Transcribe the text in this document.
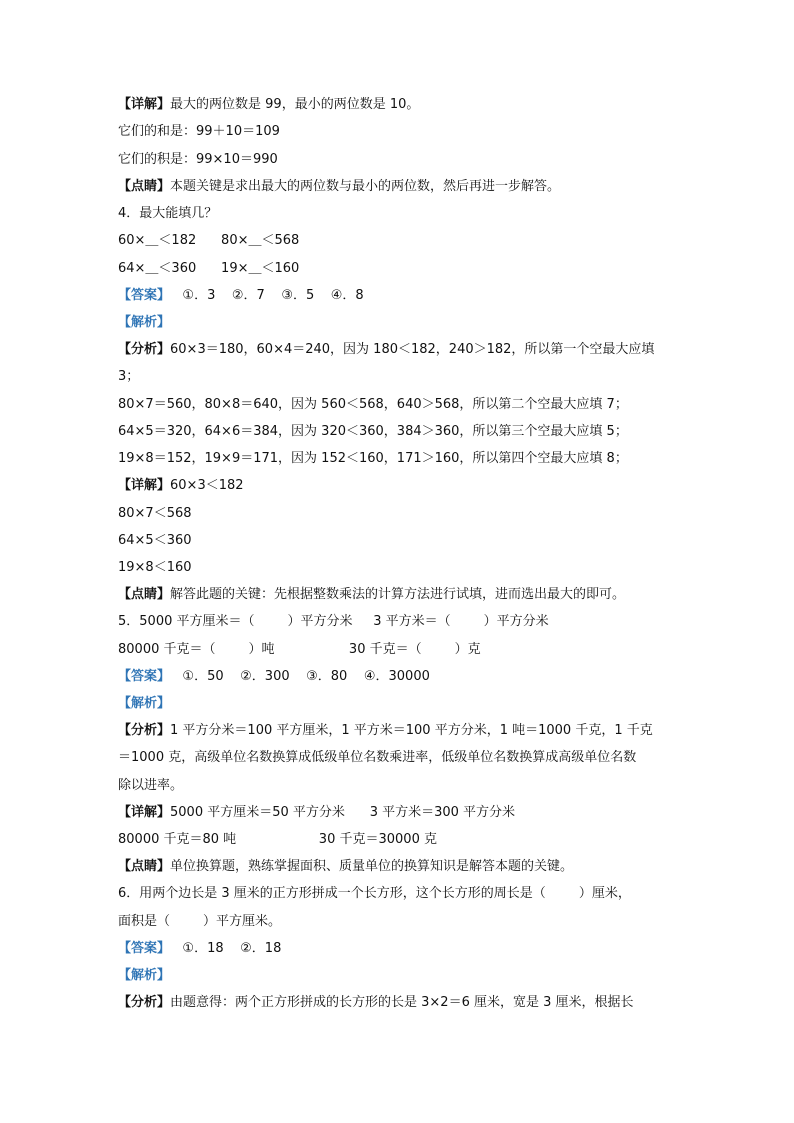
【详解】最大的两位数是 99，最小的两位数是 10。
它们的和是：99＋10＝109
它们的积是：99×10＝990
【点睛】本题关键是求出最大的两位数与最小的两位数，然后再进一步解答。
4．最大能填几？
60×＿＜182      80×＿＜568
64×＿＜360      19×＿＜160
【答案】   ①．3    ②．7    ③．5    ④．8
【解析】
【分析】60×3＝180，60×4＝240，因为 180＜182，240＞182，所以第一个空最大应填
3；
80×7＝560，80×8＝640，因为 560＜568，640＞568，所以第二个空最大应填 7；
64×5＝320，64×6＝384，因为 320＜360，384＞360，所以第三个空最大应填 5；
19×8＝152，19×9＝171，因为 152＜160，171＞160，所以第四个空最大应填 8；
【详解】60×3＜182
80×7＜568
64×5＜360
19×8＜160
【点睛】解答此题的关键：先根据整数乘法的计算方法进行试填，进而选出最大的即可。
5．5000 平方厘米＝（        ）平方分米     3 平方米＝（        ）平方分米
80000 千克＝（        ）吨                  30 千克＝（        ）克
【答案】   ①．50    ②．300    ③．80    ④．30000
【解析】
【分析】1 平方分米＝100 平方厘米，1 平方米＝100 平方分米，1 吨＝1000 千克，1 千克
＝1000 克，高级单位名数换算成低级单位名数乘进率，低级单位名数换算成高级单位名数
除以进率。
【详解】5000 平方厘米＝50 平方分米      3 平方米＝300 平方分米
80000 千克＝80 吨                    30 千克＝30000 克
【点睛】单位换算题，熟练掌握面积、质量单位的换算知识是解答本题的关键。
6．用两个边长是 3 厘米的正方形拼成一个长方形，这个长方形的周长是（        ）厘米，
面积是（        ）平方厘米。
【答案】   ①．18    ②．18
【解析】
【分析】由题意得：两个正方形拼成的长方形的长是 3×2＝6 厘米，宽是 3 厘米，根据长
